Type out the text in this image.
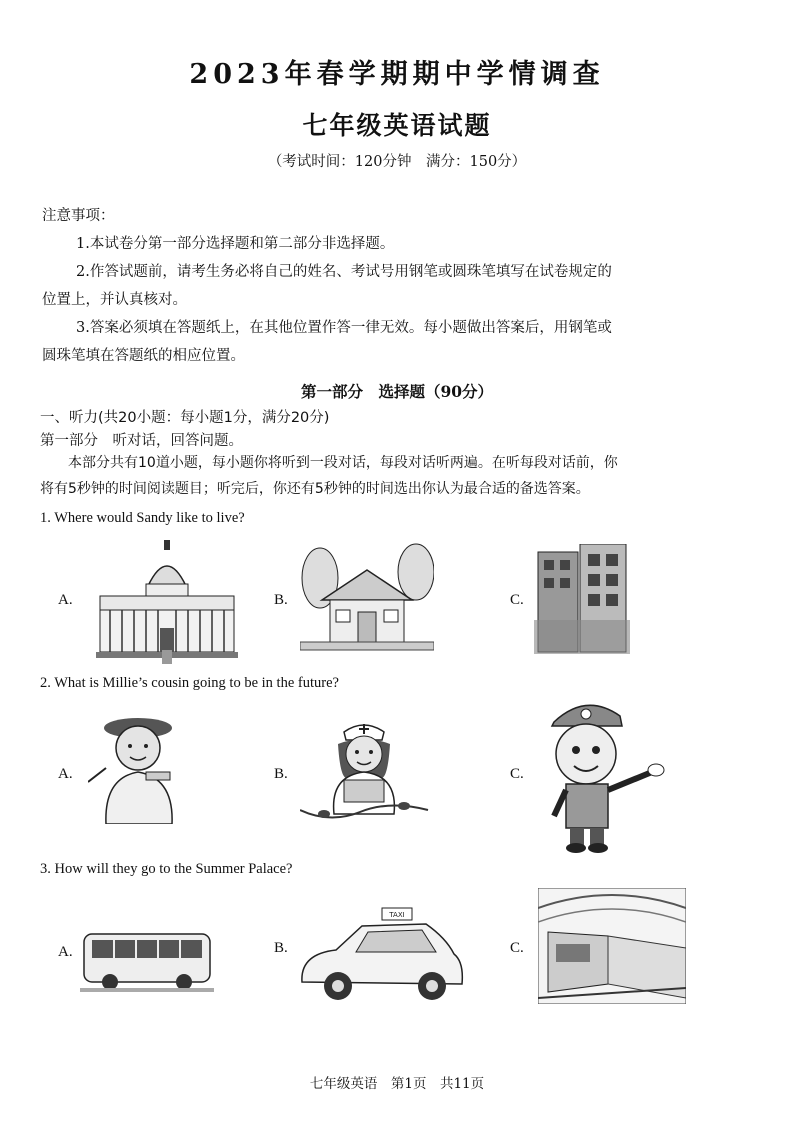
2023年春学期期中学情调查
七年级英语试题
（考试时间：120分钟　满分：150分）
注意事项：
1.本试卷分第一部分选择题和第二部分非选择题。
2.作答试题前，请考生务必将自己的姓名、考试号用钢笔或圆珠笔填写在试卷规定的
位置上，并认真核对。
3.答案必须填在答题纸上，在其他位置作答一律无效。每小题做出答案后，用钢笔或
圆珠笔填在答题纸的相应位置。
第一部分　选择题（90分）
一、听力(共20小题：每小题1分，满分20分)
第一部分　听对话，回答问题。
本部分共有10道小题，每小题你将听到一段对话，每段对话听两遍。在听每段对话前，你
将有5秒钟的时间阅读题目；听完后，你还有5秒钟的时间选出你认为最合适的备选答案。
1. Where would Sandy like to live?
A.	B.	C.
2. What is Millie’s cousin going to be in the future?
A.	B.	C.
3. How will they go to the Summer Palace?
A.	B.	C.
TAXI
七年级英语　第1页　共11页
